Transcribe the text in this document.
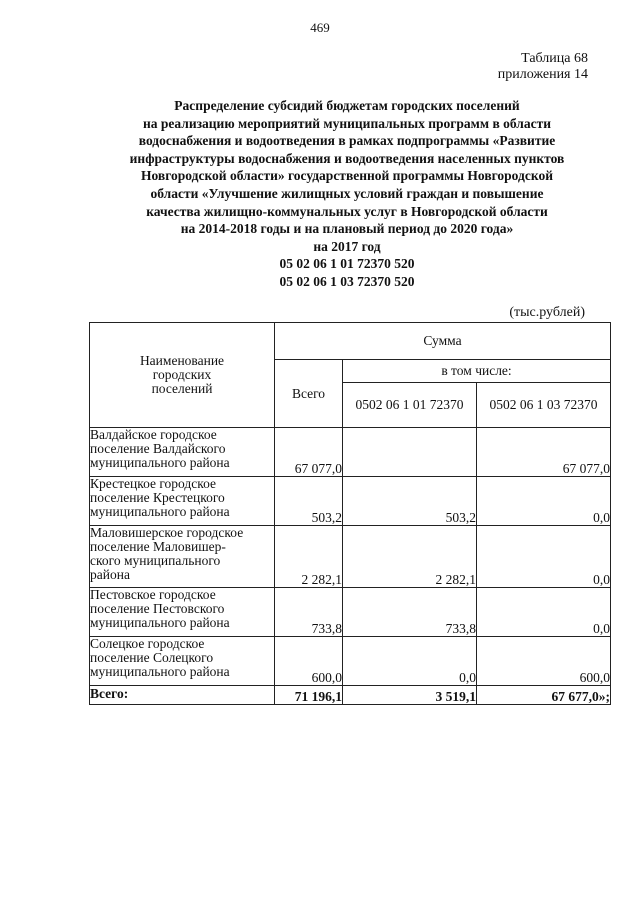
469
Таблица 68
приложения 14
Распределение субсидий бюджетам городских поселений
на реализацию мероприятий муниципальных программ в области
водоснабжения и водоотведения в рамках подпрограммы «Развитие
инфраструктуры водоснабжения и водоотведения населенных пунктов
Новгородской области» государственной программы Новгородской
области «Улучшение жилищных условий граждан и повышение
качества жилищно-коммунальных услуг в Новгородской области
на 2014-2018 годы и на плановый период до 2020 года»
на 2017 год
05 02 06 1 01 72370 520
05 02 06 1 03 72370 520
(тыс.рублей)
Наименование
городских
поселений	Сумма		
	Всего	в том числе:	
		0502 06 1 01 72370	0502 06 1 03 72370

Валдайское городское
поселение Валдайского
муниципального района	67 077,0		67 077,0

Крестецкое городское
поселение Крестецкого
муниципального района	503,2	503,2	0,0

Маловишерское городское
поселение Маловишер-
ского муниципального
района	2 282,1	2 282,1	0,0

Пестовское городское
поселение Пестовского
муниципального района	733,8	733,8	0,0

Солецкое городское
поселение Солецкого
муниципального района	600,0	0,0	600,0
Всего:	71 196,1	3 519,1	67 677,0»;
